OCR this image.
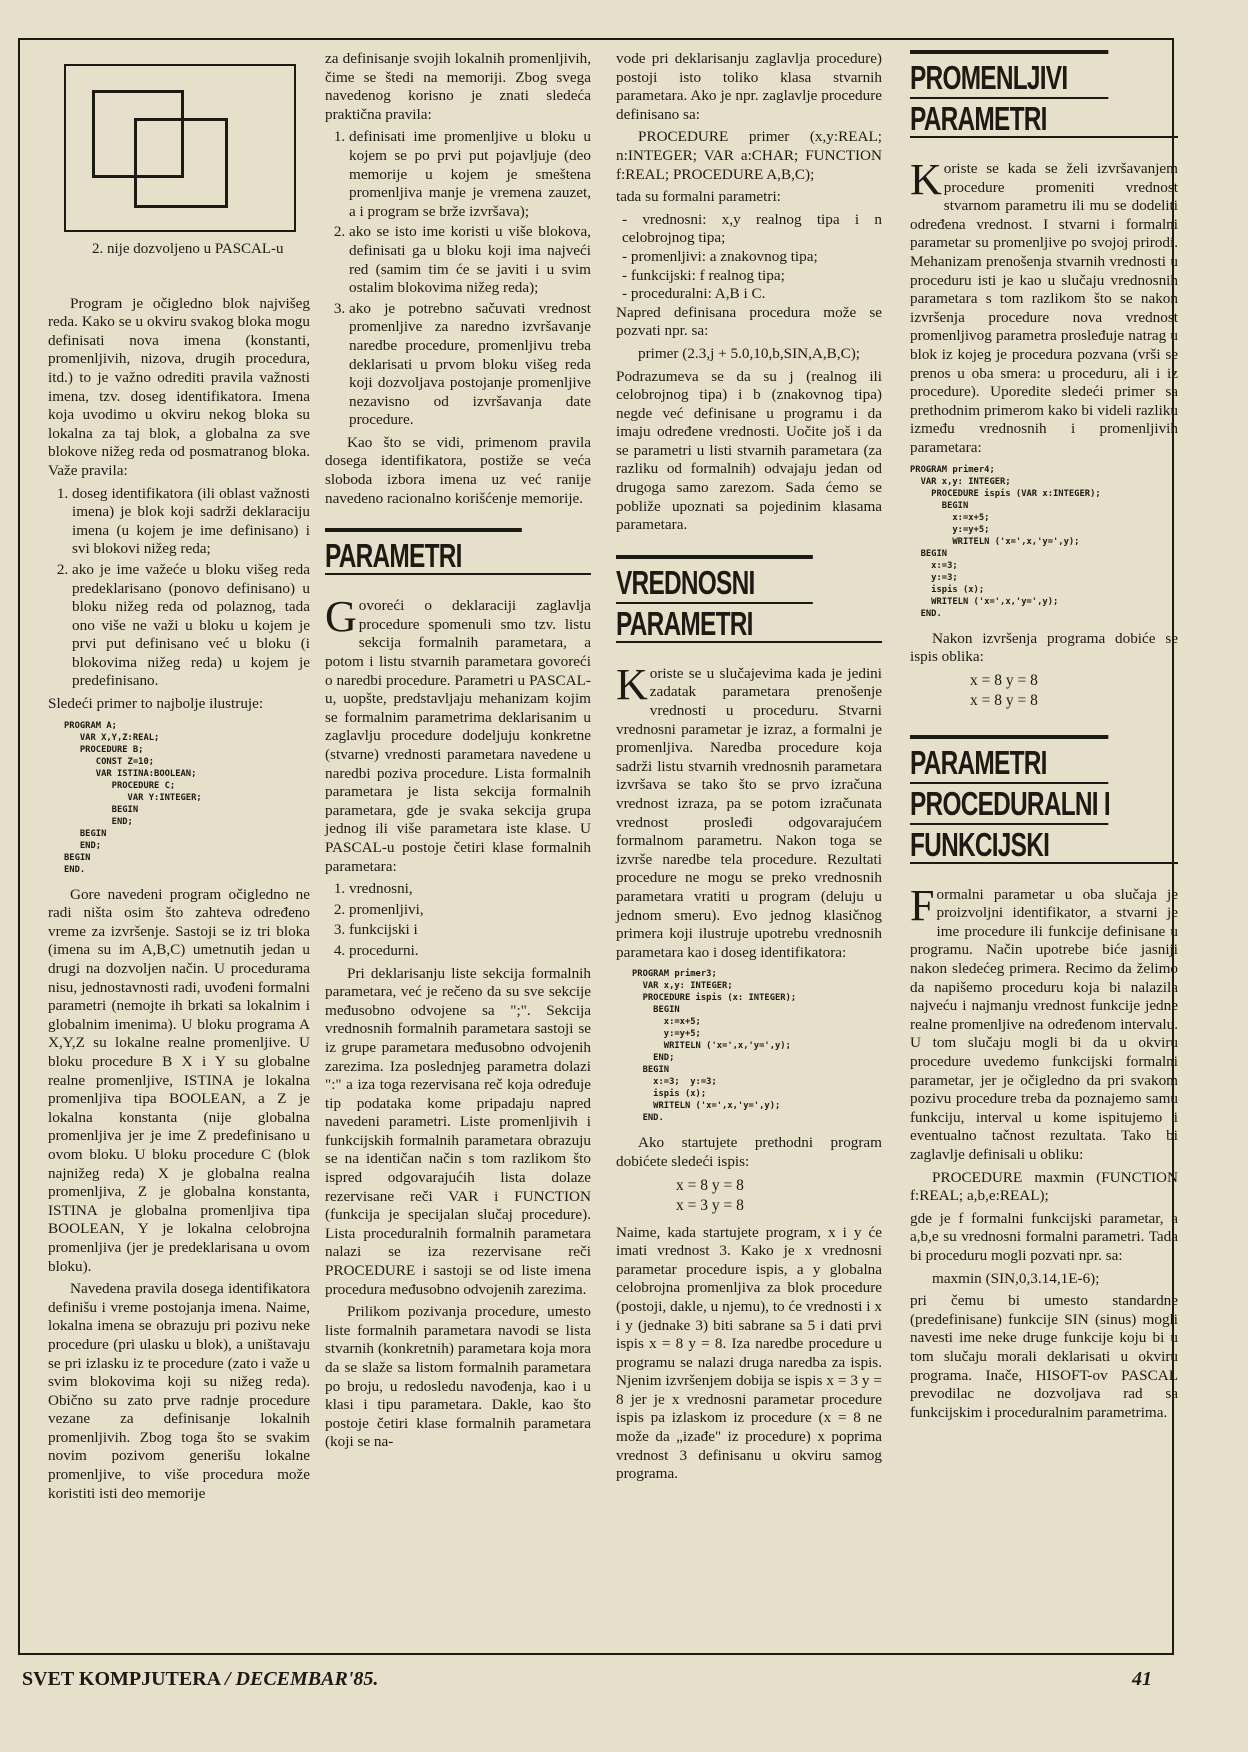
2. nije dozvoljeno u PASCAL-u

Program je očigledno blok najvišeg reda. Kako se u okviru svakog bloka mogu definisati nova imena (konstanti, promenljivih, nizova, drugih procedura, itd.) to je važno odrediti pravila važnosti imena, tzv. doseg identifikatora. Imena koja uvodimo u okviru nekog bloka su lokalna za taj blok, a globalna za sve blokove nižeg reda od posmatranog bloka. Važe pravila:

1. doseg identifikatora (ili oblast važnosti imena) je blok koji sadrži deklaraciju imena (u kojem je ime definisano) i svi blokovi nižeg reda;
2. ako je ime važeće u bloku višeg reda predeklarisano (ponovo definisano) u bloku nižeg reda od polaznog, tada ono više ne važi u bloku u kojem je prvi put definisano već u bloku (i blokovima nižeg reda) u kojem je predefinisano.

Sledeći primer to najbolje ilustruje:

PROGRAM A;
VAR X,Y,Z:REAL;
PROCEDURE B;
CONST Z=10;
VAR ISTINA:BOOLEAN;
PROCEDURE C;
VAR Y:INTEGER;
BEGIN
END;
BEGIN
END;
BEGIN
END.

Gore navedeni program očigledno ne radi ništa osim što zahteva određeno vreme za izvršenje. Sastoji se iz tri bloka (imena su im A,B,C) umetnutih jedan u drugi na dozvoljen način. U procedurama nisu, jednostavnosti radi, uvođeni formalni parametri (nemojte ih brkati sa lokalnim i globalnim imenima). U bloku programa A X,Y,Z su lokalne realne promenljive. U bloku procedure B X i Y su globalne realne promenljive, ISTINA je lokalna promenljiva tipa BOOLEAN, a Z je lokalna konstanta (nije globalna promenljiva jer je ime Z predefinisano u ovom bloku. U bloku procedure C (blok najnižeg reda) X je globalna realna promenljiva, Z je globalna konstanta, ISTINA je globalna promenljiva tipa BOOLEAN, Y je lokalna celobrojna promenljiva (jer je predeklarisana u ovom bloku).

Navedena pravila dosega identifikatora definišu i vreme postojanja imena. Naime, lokalna imena se obrazuju pri pozivu neke procedure (pri ulasku u blok), a uništavaju se pri izlasku iz te procedure (zato i važe u svim blokovima koji su nižeg reda). Obično su zato prve radnje procedure vezane za definisanje lokalnih promenljivih. Zbog toga što se svakim novim pozivom generišu lokalne promenljive, to više procedura može koristiti isti deo memorije

za definisanje svojih lokalnih promenljivih, čime se štedi na memoriji. Zbog svega navedenog korisno je znati sledeća praktična pravila:

1. definisati ime promenljive u bloku u kojem se po prvi put pojavljuje (deo memorije u kojem je smeštena promenljiva manje je vremena zauzet, a i program se brže izvršava);
2. ako se isto ime koristi u više blokova, definisati ga u bloku koji ima najveći red (samim tim će se javiti i u svim ostalim blokovima nižeg reda);
3. ako je potrebno sačuvati vrednost promenljive za naredno izvršavanje naredbe procedure, promenljivu treba deklarisati u prvom bloku višeg reda koji dozvoljava postojanje promenljive nezavisno od izvršavanja date procedure.

Kao što se vidi, primenom pravila dosega identifikatora, postiže se veća sloboda izbora imena uz već ranije navedeno racionalno korišćenje memorije.

PARAMETRI

Govoreći o deklaraciji zaglavlja procedure spomenuli smo tzv. listu sekcija formalnih parametara, a potom i listu stvarnih parametara govoreći o naredbi procedure. Parametri u PASCAL-u, uopšte, predstavljaju mehanizam kojim se formalnim parametrima deklarisanim u zaglavlju procedure dodeljuju konkretne (stvarne) vrednosti parametara navedene u naredbi poziva procedure. Lista formalnih parametara je lista sekcija formalnih parametara, gde je svaka sekcija grupa jednog ili više parametara iste klase. U PASCAL-u postoje četiri klase formalnih parametara:

1. vrednosni,
2. promenljivi,
3. funkcijski i
4. procedurni.

Pri deklarisanju liste sekcija formalnih parametara, već je rečeno da su sve sekcije međusobno odvojene sa ";". Sekcija vrednosnih formalnih parametara sastoji se iz grupe parametara međusobno odvojenih zarezima. Iza poslednjeg parametra dolazi ":" a iza toga rezervisana reč koja određuje tip podataka kome pripadaju napred navedeni parametri. Liste promenljivih i funkcijskih formalnih parametara obrazuju se na identičan način s tom razlikom što ispred odgovarajućih lista dolaze rezervisane reči VAR i FUNCTION (funkcija je specijalan slučaj procedure). Lista proceduralnih formalnih parametara nalazi se iza rezervisane reči PROCEDURE i sastoji se od liste imena procedura međusobno odvojenih zarezima.

Prilikom pozivanja procedure, umesto liste formalnih parametara navodi se lista stvarnih (konkretnih) parametara koja mora da se slaže sa listom formalnih parametara po broju, u redosledu navođenja, kao i u klasi i tipu parametara. Dakle, kao što postoje četiri klase formalnih parametara (koji se na-

vode pri deklarisanju zaglavlja procedure) postoji isto toliko klasa stvarnih parametara. Ako je npr. zaglavlje procedure definisano sa:

PROCEDURE primer (x,y:REAL; n:INTEGER; VAR a:CHAR; FUNCTION f:REAL; PROCEDURE A,B,C);

tada su formalni parametri:

- vrednosni: x,y realnog tipa i n celobrojnog tipa;
- promenljivi: a znakovnog tipa;
- funkcijski: f realnog tipa;
- proceduralni: A,B i C.

Napred definisana procedura može se pozvati npr. sa:

primer (2.3,j + 5.0,10,b,SIN,A,B,C);

Podrazumeva se da su j (realnog ili celobrojnog tipa) i b (znakovnog tipa) negde već definisane u programu i da imaju određene vrednosti. Uočite još i da se parametri u listi stvarnih parametara (za razliku od formalnih) odvajaju jedan od drugoga samo zarezom. Sada ćemo se pobliže upoznati sa pojedinim klasama parametara.

VREDNOSNI
PARAMETRI

Koriste se u slučajevima kada je jedini zadatak parametara prenošenje vrednosti u proceduru. Stvarni vrednosni parametar je izraz, a formalni je promenljiva. Naredba procedure koja sadrži listu stvarnih vrednosnih parametara izvršava se tako što se prvo izračuna vrednost izraza, pa se potom izračunata vrednost prosleđi odgovarajućem formalnom parametru. Nakon toga se izvrše naredbe tela procedure. Rezultati procedure ne mogu se preko vrednosnih parametara vratiti u program (deluju u jednom smeru). Evo jednog klasičnog primera koji ilustruje upotrebu vrednosnih parametara kao i doseg identifikatora:

PROGRAM primer3;
VAR x,y: INTEGER;
PROCEDURE ispis (x: INTEGER);
BEGIN
x:=x+5;
y:=y+5;
WRITELN ('x=',x,'y=',y);
END;
BEGIN
x:=3;  y:=3;
ispis (x);
WRITELN ('x=',x,'y=',y);
END.

Ako startujete prethodni program dobićete sledeći ispis:

x = 8 y = 8
x = 3 y = 8

Naime, kada startujete program, x i y će imati vrednost 3. Kako je x vrednosni parametar procedure ispis, a y globalna celobrojna promenljiva za blok procedure (postoji, dakle, u njemu), to će vrednosti i x i y (jednake 3) biti sabrane sa 5 i dati prvi ispis x = 8 y = 8. Iza naredbe procedure u programu se nalazi druga naredba za ispis. Njenim izvršenjem dobija se ispis x = 3 y = 8 jer je x vrednosni parametar procedure ispis pa izlaskom iz procedure (x = 8 ne može da „izađe" iz procedure) x poprima vrednost 3 definisanu u okviru samog programa.

PROMENLJIVI
PARAMETRI

Koriste se kada se želi izvršavanjem procedure promeniti vrednost stvarnom parametru ili mu se dodeliti određena vrednost. I stvarni i formalni parametar su promenljive po svojoj prirodi. Mehanizam prenošenja stvarnih vrednosti u proceduru isti je kao u slučaju vrednosnih parametara s tom razlikom što se nakon izvršenja procedure nova vrednost promenljivog parametra prosleđuje natrag u blok iz kojeg je procedura pozvana (vrši se prenos u oba smera: u proceduru, ali i iz procedure). Uporedite sledeći primer sa prethodnim primerom kako bi videli razliku između vrednosnih i promenljivih parametara:

PROGRAM primer4;
VAR x,y: INTEGER;
PROCEDURE ispis (VAR x:INTEGER);
BEGIN
x:=x+5;
y:=y+5;
WRITELN ('x=',x,'y=',y);
BEGIN
x:=3;
y:=3;
ispis (x);
WRITELN ('x=',x,'y=',y);
END.

Nakon izvršenja programa dobiće se ispis oblika:

x = 8 y = 8
x = 8 y = 8
PARAMETRI
PROCEDURALNI I
FUNKCIJSKI

Formalni parametar u oba slučaja je proizvoljni identifikator, a stvarni je ime procedure ili funkcije definisane u programu. Način upotrebe biće jasniji nakon sledećeg primera. Recimo da želimo da napišemo proceduru koja bi nalazila najveću i najmanju vrednost funkcije jedne realne promenljive na određenom intervalu. U tom slučaju mogli bi da u okviru procedure uvedemo funkcijski formalni parametar, jer je očigledno da pri svakom pozivu procedure treba da poznajemo samu funkciju, interval u kome ispitujemo i eventualno tačnost rezultata. Tako bi zaglavlje definisali u obliku:

PROCEDURE maxmin (FUNCTION f:REAL; a,b,e:REAL);

gde je f formalni funkcijski parametar, a a,b,e su vrednosni formalni parametri. Tada bi proceduru mogli pozvati npr. sa:

maxmin (SIN,0,3.14,1E-6);

pri čemu bi umesto standardne (predefinisane) funkcije SIN (sinus) mogli navesti ime neke druge funkcije koju bi u tom slučaju morali deklarisati u okviru programa. Inače, HISOFT-ov PASCAL prevodilac ne dozvoljava rad sa funkcijskim i proceduralnim parametrima.

SVET KOMPJUTERA / DECEMBAR'85.	41
